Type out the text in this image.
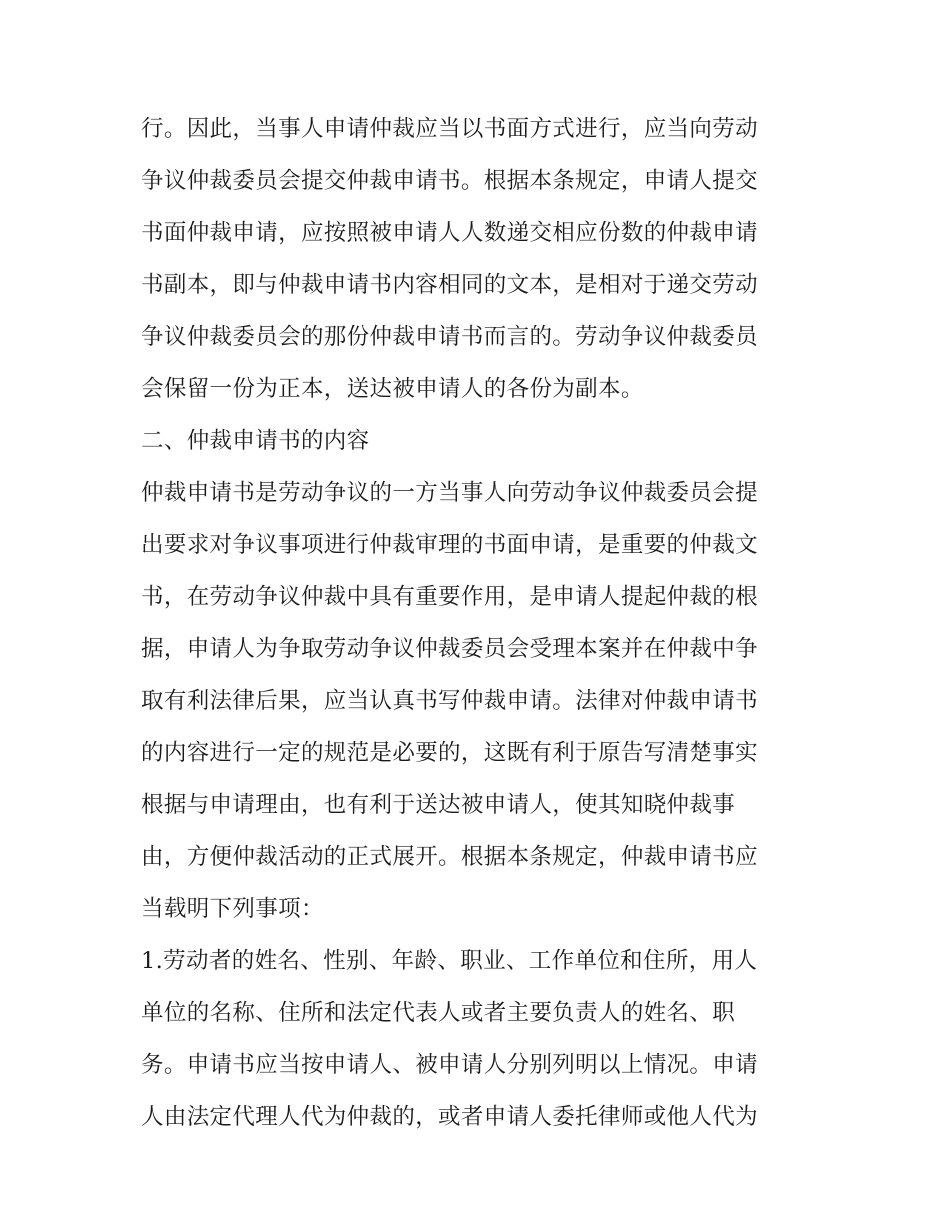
行。因此，当事人申请仲裁应当以书面方式进行，应当向劳动
争议仲裁委员会提交仲裁申请书。根据本条规定，申请人提交
书面仲裁申请，应按照被申请人人数递交相应份数的仲裁申请
书副本，即与仲裁申请书内容相同的文本，是相对于递交劳动
争议仲裁委员会的那份仲裁申请书而言的。劳动争议仲裁委员
会保留一份为正本，送达被申请人的各份为副本。
二、仲裁申请书的内容
仲裁申请书是劳动争议的一方当事人向劳动争议仲裁委员会提
出要求对争议事项进行仲裁审理的书面申请，是重要的仲裁文
书，在劳动争议仲裁中具有重要作用，是申请人提起仲裁的根
据，申请人为争取劳动争议仲裁委员会受理本案并在仲裁中争
取有利法律后果，应当认真书写仲裁申请。法律对仲裁申请书
的内容进行一定的规范是必要的，这既有利于原告写清楚事实
根据与申请理由，也有利于送达被申请人，使其知晓仲裁事
由，方便仲裁活动的正式展开。根据本条规定，仲裁申请书应
当载明下列事项：
1.劳动者的姓名、性别、年龄、职业、工作单位和住所，用人
单位的名称、住所和法定代表人或者主要负责人的姓名、职
务。申请书应当按申请人、被申请人分别列明以上情况。申请
人由法定代理人代为仲裁的，或者申请人委托律师或他人代为
